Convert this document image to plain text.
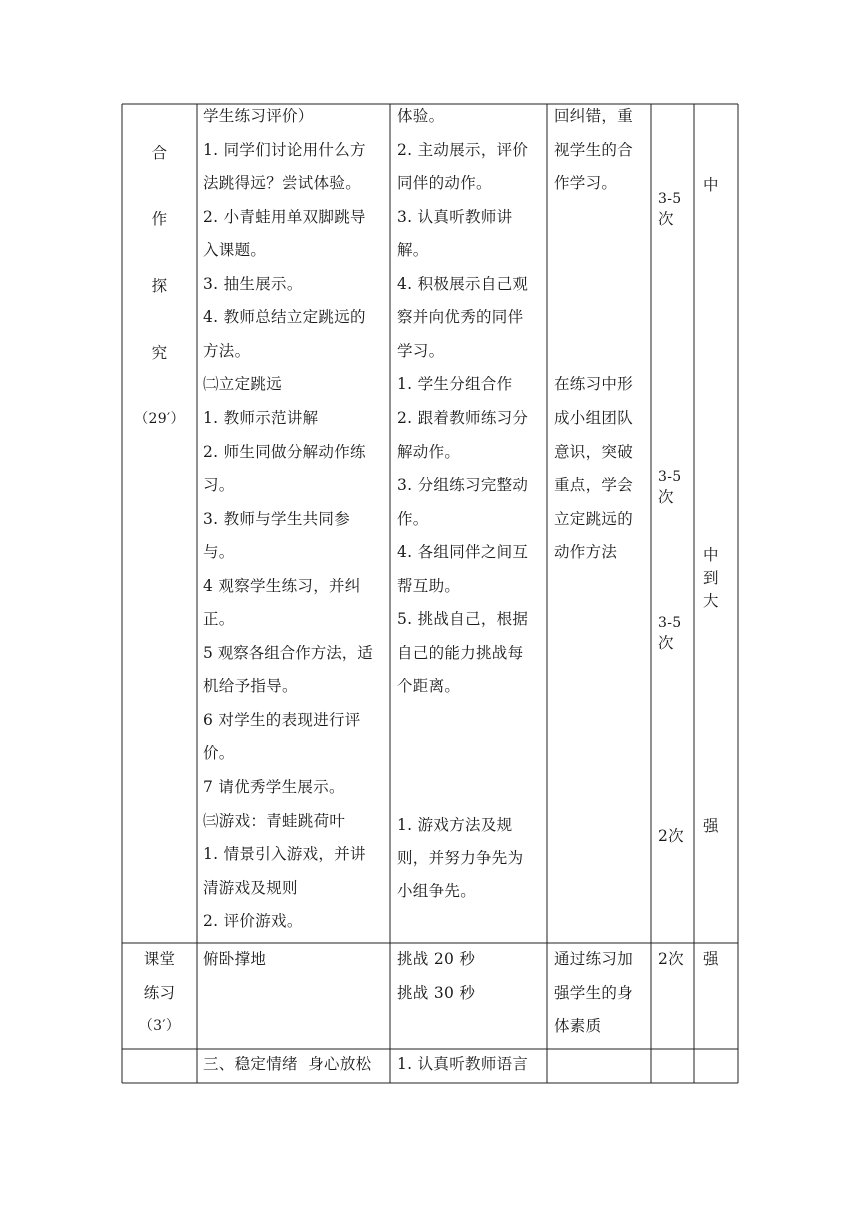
合
作
探
究
（29′）
学生练习评价）
1. 同学们讨论用什么方
法跳得远？尝试体验。
2. 小青蛙用单双脚跳导
入课题。
3. 抽生展示。
4. 教师总结立定跳远的
方法。
㈡立定跳远
1. 教师示范讲解
2. 师生同做分解动作练
习。
3. 教师与学生共同参
与。
4 观察学生练习，并纠
正。
5 观察各组合作方法，适
机给予指导。
6 对学生的表现进行评
价。
7 请优秀学生展示。
㈢游戏：青蛙跳荷叶
1. 情景引入游戏，并讲
清游戏及规则
2. 评价游戏。
体验。
2. 主动展示，评价
同伴的动作。
3. 认真听教师讲
解。
4. 积极展示自己观
察并向优秀的同伴
学习。
1. 学生分组合作
2. 跟着教师练习分
解动作。
3. 分组练习完整动
作。
4. 各组同伴之间互
帮互助。
5. 挑战自己，根据
自己的能力挑战每
个距离。
1. 游戏方法及规
则，并努力争先为
小组争先。
回纠错，重
视学生的合
作学习。
在练习中形
成小组团队
意识，突破
重点，学会
立定跳远的
动作方法
3-5
次
3-5
次
3-5
次
2次
中
中
到
大
强
课堂
练习
（3′）
俯卧撑地	挑战 20 秒
挑战 30 秒
通过练习加
强学生的身
体素质
2次 强
三、稳定情绪  身心放松 1. 认真听教师语言
